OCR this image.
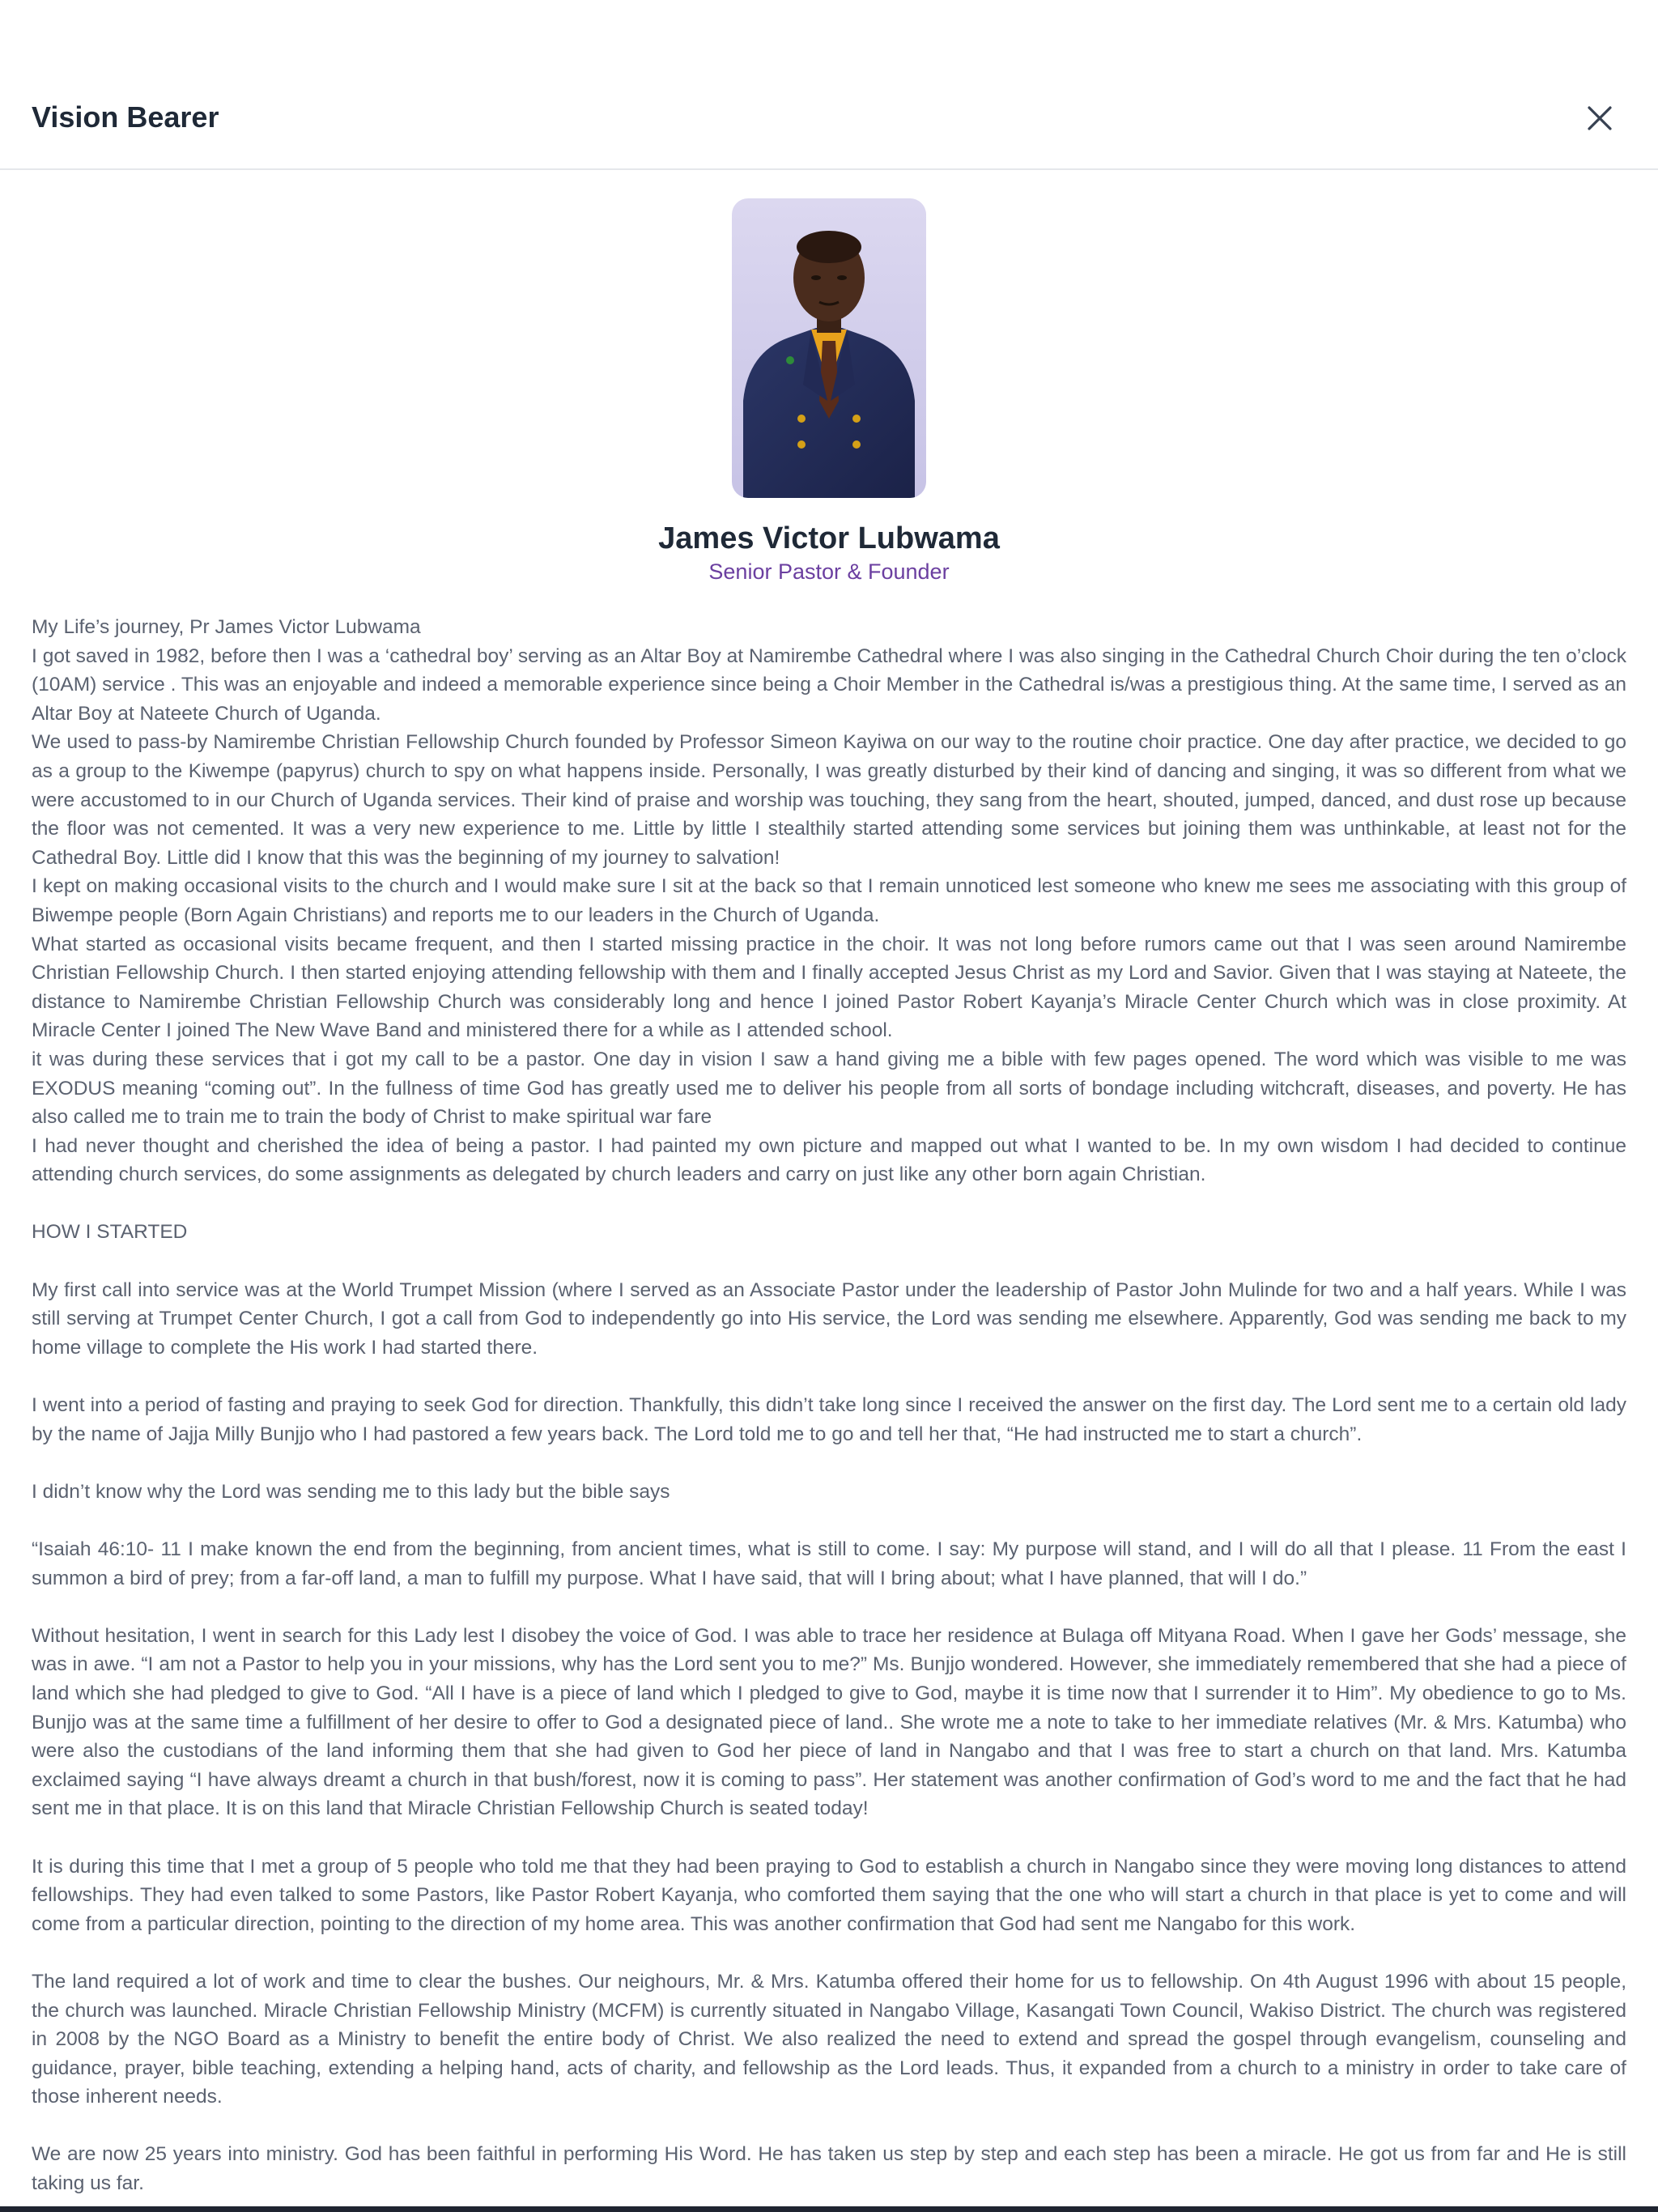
Vision Bearer
James Victor Lubwama
Senior Pastor & Founder

My Life’s journey, Pr James Victor Lubwama

I got saved in 1982, before then I was a ‘cathedral boy’ serving as an Altar Boy at Namirembe Cathedral where I was also singing in the Cathedral Church Choir during the ten o’clock (10AM) service . This was an enjoyable and indeed a memorable experience since being a Choir Member in the Cathedral is/was a prestigious thing. At the same time, I served as an Altar Boy at Nateete Church of Uganda.

We used to pass-by Namirembe Christian Fellowship Church founded by Professor Simeon Kayiwa on our way to the routine choir practice. One day after practice, we decided to go as a group to the Kiwempe (papyrus) church to spy on what happens inside. Personally, I was greatly disturbed by their kind of dancing and singing, it was so different from what we were accustomed to in our Church of Uganda services. Their kind of praise and worship was touching, they sang from the heart, shouted, jumped, danced, and dust rose up because the floor was not cemented. It was a very new experience to me. Little by little I stealthily started attending some services but joining them was unthinkable, at least not for the Cathedral Boy. Little did I know that this was the beginning of my journey to salvation!

I kept on making occasional visits to the church and I would make sure I sit at the back so that I remain unnoticed lest someone who knew me sees me associating with this group of Biwempe people (Born Again Christians) and reports me to our leaders in the Church of Uganda.

What started as occasional visits became frequent, and then I started missing practice in the choir. It was not long before rumors came out that I was seen around Namirembe Christian Fellowship Church. I then started enjoying attending fellowship with them and I finally accepted Jesus Christ as my Lord and Savior. Given that I was staying at Nateete, the distance to Namirembe Christian Fellowship Church was considerably long and hence I joined Pastor Robert Kayanja’s Miracle Center Church which was in close proximity. At Miracle Center I joined The New Wave Band and ministered there for a while as I attended school.

it was during these services that i got my call to be a pastor. One day in vision I saw a hand giving me a bible with few pages opened. The word which was visible to me was EXODUS meaning “coming out”. In the fullness of time God has greatly used me to deliver his people from all sorts of bondage including witchcraft, diseases, and poverty. He has also called me to train me to train the body of Christ to make spiritual war fare

I had never thought and cherished the idea of being a pastor. I had painted my own picture and mapped out what I wanted to be. In my own wisdom I had decided to continue attending church services, do some assignments as delegated by church leaders and carry on just like any other born again Christian.

HOW I STARTED

My first call into service was at the World Trumpet Mission (where I served as an Associate Pastor under the leadership of Pastor John Mulinde for two and a half years. While I was still serving at Trumpet Center Church, I got a call from God to independently go into His service, the Lord was sending me elsewhere. Apparently, God was sending me back to my home village to complete the His work I had started there.

I went into a period of fasting and praying to seek God for direction. Thankfully, this didn’t take long since I received the answer on the first day. The Lord sent me to a certain old lady by the name of Jajja Milly Bunjjo who I had pastored a few years back. The Lord told me to go and tell her that, “He had instructed me to start a church”.

I didn’t know why the Lord was sending me to this lady but the bible says

“Isaiah 46:10- 11 I make known the end from the beginning, from ancient times, what is still to come. I say: My purpose will stand, and I will do all that I please. 11 From the east I summon a bird of prey; from a far-off land, a man to fulfill my purpose. What I have said, that will I bring about; what I have planned, that will I do.”

Without hesitation, I went in search for this Lady lest I disobey the voice of God. I was able to trace her residence at Bulaga off Mityana Road. When I gave her Gods’ message, she was in awe. “I am not a Pastor to help you in your missions, why has the Lord sent you to me?” Ms. Bunjjo wondered. However, she immediately remembered that she had a piece of land which she had pledged to give to God. “All I have is a piece of land which I pledged to give to God, maybe it is time now that I surrender it to Him”. My obedience to go to Ms. Bunjjo was at the same time a fulfillment of her desire to offer to God a designated piece of land.. She wrote me a note to take to her immediate relatives (Mr. & Mrs. Katumba) who were also the custodians of the land informing them that she had given to God her piece of land in Nangabo and that I was free to start a church on that land. Mrs. Katumba exclaimed saying “I have always dreamt a church in that bush/forest, now it is coming to pass”. Her statement was another confirmation of God’s word to me and the fact that he had sent me in that place. It is on this land that Miracle Christian Fellowship Church is seated today!

It is during this time that I met a group of 5 people who told me that they had been praying to God to establish a church in Nangabo since they were moving long distances to attend fellowships. They had even talked to some Pastors, like Pastor Robert Kayanja, who comforted them saying that the one who will start a church in that place is yet to come and will come from a particular direction, pointing to the direction of my home area. This was another confirmation that God had sent me Nangabo for this work.

The land required a lot of work and time to clear the bushes. Our neighours, Mr. & Mrs. Katumba offered their home for us to fellowship. On 4th August 1996 with about 15 people, the church was launched. Miracle Christian Fellowship Ministry (MCFM) is currently situated in Nangabo Village, Kasangati Town Council, Wakiso District. The church was registered in 2008 by the NGO Board as a Ministry to benefit the entire body of Christ. We also realized the need to extend and spread the gospel through evangelism, counseling and guidance, prayer, bible teaching, extending a helping hand, acts of charity, and fellowship as the Lord leads. Thus, it expanded from a church to a ministry in order to take care of those inherent needs.

We are now 25 years into ministry. God has been faithful in performing His Word. He has taken us step by step and each step has been a miracle. He got us from far and He is still taking us far.
